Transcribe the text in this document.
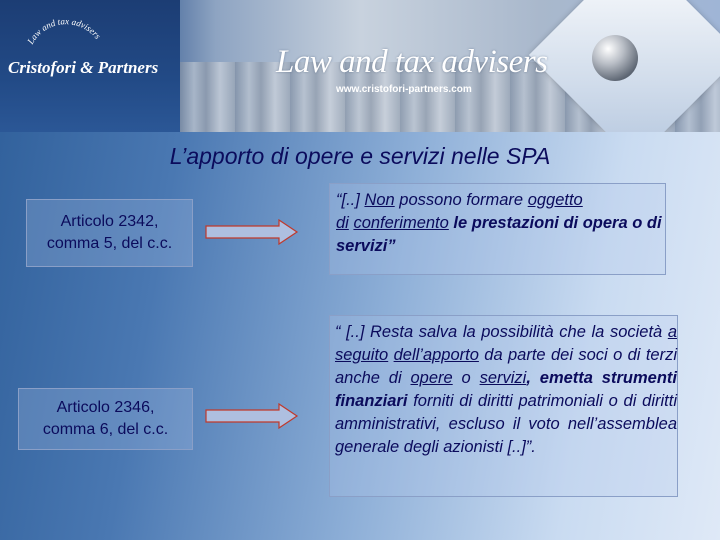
Law and tax advisers
Cristofori & Partners	Law and tax advisers
www.cristofori-partners.com
L’apporto di opere e servizi nelle SPA
Articolo 2342,
comma 5, del c.c.
“[..] Non possono formare oggetto
di conferimento le prestazioni di opera o di servizi”
Articolo 2346,
comma 6, del c.c.
“ [..] Resta salva la possibilità che la società a seguito dell’apporto da parte dei soci o di terzi anche di opere o servizi, emetta strumenti finanziari forniti di diritti patrimoniali o di diritti amministrativi, escluso il voto nell’assemblea generale degli azionisti [..]”.
